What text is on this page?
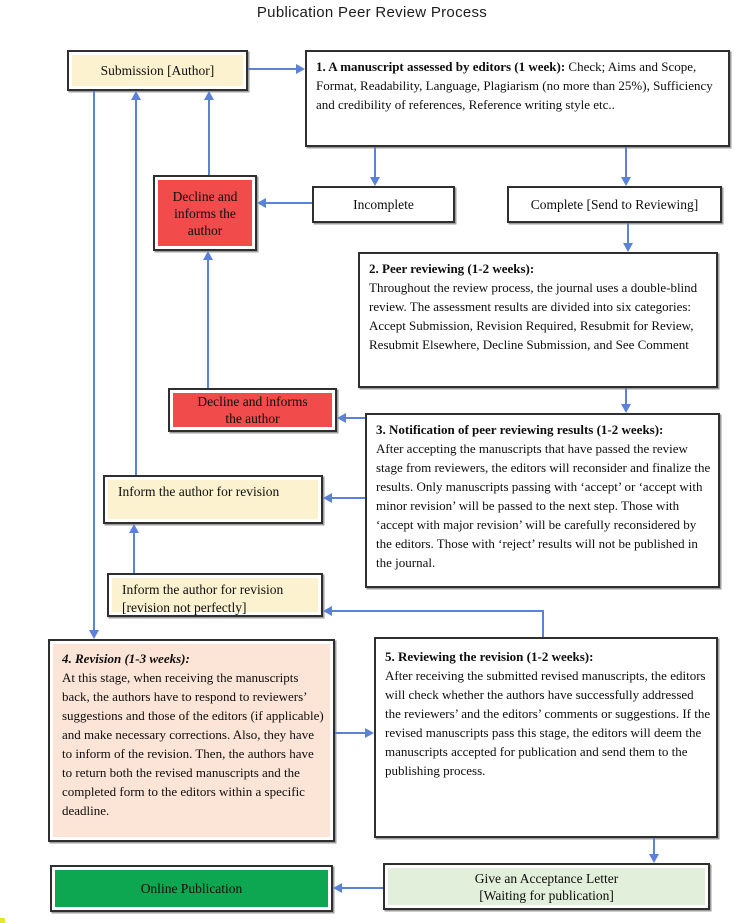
Publication Peer Review Process
Submission [Author]	1. A manuscript assessed by editors (1 week): Check; Aims and Scope, Format, Readability, Language, Plagiarism (no more than 25%), Sufficiency and credibility of references, Reference writing style etc..
Decline and
informs the
author
Incomplete	Complete [Send to Reviewing]
2. Peer reviewing (1-2 weeks):
Throughout the review process, the journal uses a double-blind review. The assessment results are divided into six categories: Accept Submission, Revision Required, Resubmit for Review, Resubmit Elsewhere, Decline Submission, and See Comment
Decline and informs
the author
3. Notification of peer reviewing results (1-2 weeks):
After accepting the manuscripts that have passed the review stage from reviewers, the editors will reconsider and finalize the results. Only manuscripts passing with ‘accept’ or ‘accept with minor revision’ will be passed to the next step. Those with ‘accept with major revision’ will be carefully reconsidered by the editors. Those with ‘reject’ results will not be published in the journal.
Inform the author for revision
Inform the author for revision
[revision not perfectly]
4. Revision (1-3 weeks):
At this stage, when receiving the manuscripts back, the authors have to respond to reviewers’ suggestions and those of the editors (if applicable) and make necessary corrections. Also, they have to inform of the revision. Then, the authors have to return both the revised manuscripts and the completed form to the editors within a specific deadline.
5. Reviewing the revision (1-2 weeks):
After receiving the submitted revised manuscripts, the editors will check whether the authors have successfully addressed the reviewers’ and the editors’ comments or suggestions. If the revised manuscripts pass this stage, the editors will deem the manuscripts accepted for publication and send them to the publishing process.
Online Publication
Give an Acceptance Letter
[Waiting for publication]
